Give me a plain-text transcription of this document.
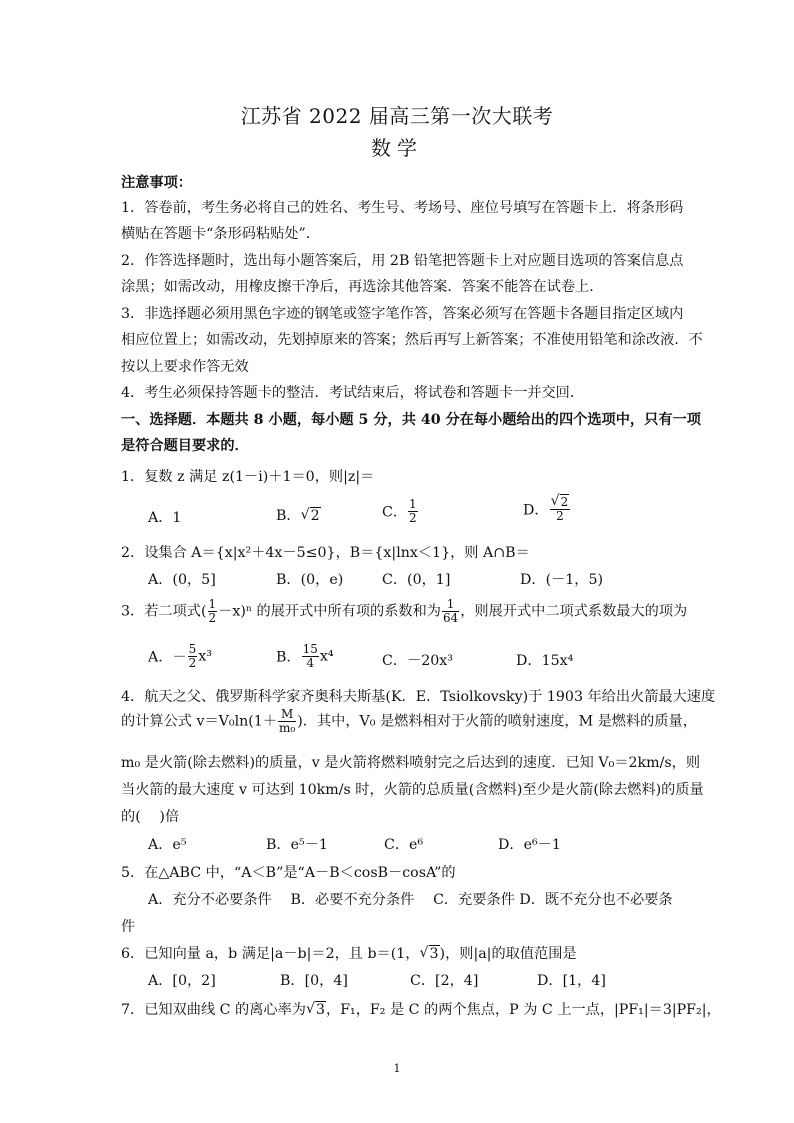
江苏省 2022 届高三第一次大联考
数学
注意事项：
1．答卷前，考生务必将自己的姓名、考生号、考场号、座位号填写在答题卡上．将条形码
横贴在答题卡“条形码粘贴处”．
2．作答选择题时，选出每小题答案后，用 2B 铅笔把答题卡上对应题目选项的答案信息点
涂黑；如需改动，用橡皮擦干净后，再选涂其他答案．答案不能答在试卷上．
3．非选择题必须用黑色字迹的钢笔或签字笔作答，答案必须写在答题卡各题目指定区域内
相应位置上；如需改动，先划掉原来的答案；然后再写上新答案；不准使用铅笔和涂改液．不
按以上要求作答无效
4．考生必须保持答题卡的整洁．考试结束后，将试卷和答题卡一并交回．
一、选择题．本题共 8 小题，每小题 5 分，共 40 分在每小题给出的四个选项中，只有一项
是符合题目要求的．
1．复数 z 满足 z(1－i)＋1＝0，则|z|＝
A．1	B． √ 2	C． $\frac{1}{2}$	D． √ $\frac{2}{2}$
2．设集合 A＝{x|x²＋4x－5≤0}，B＝{x|lnx＜1}，则 A∩B＝
A．(0，5]	B．(0，e)	C．(0，1]	D．(－1，5)
3．若二项式( $\frac{1}{2} -x)^n$ 的展开式中所有项的系数和为 $\frac{1}{64}$ ，则展开式中二项式系数最大的项为
A．－ $\frac{5}{2} x^3$	B． $\frac{15}{4} x^4$	C．－20x³	D．15x⁴
4．航天之父、俄罗斯科学家齐奥科夫斯基(K．E．Tsiolkovsky)于 1903 年给出火箭最大速度
的计算公式 $v=V_0\ln(1+ \frac{M}{\text{m₀}}$ )．其中，V₀ 是燃料相对于火箭的喷射速度，M 是燃料的质量，
m₀ 是火箭(除去燃料)的质量，v 是火箭将燃料喷射完之后达到的速度．已知 V₀＝2km/s，则
当火箭的最大速度 v 可达到 10km/s 时，火箭的总质量(含燃料)至少是火箭(除去燃料)的质量
的(　 )倍
A．e⁵	B．e⁵－1	C．e⁶	D．e⁶－1
5．在△ABC 中，“A＜B”是“A－B＜cosB－cosA”的
A．充分不必要条件　 B．必要不充分条件　 C．充要条件 D．既不充分也不必要条
件
6．已知向量 a，b 满足|a－b|＝2，且 b＝(1， √ 3)，则|a|的取值范围是
A．[0，2]	B．[0，4]	C．[2，4]	D．[1，4]
7．已知双曲线 C 的离心率为 √ 3，F₁，F₂ 是 C 的两个焦点，P 为 C 上一点，|PF₁|＝3|PF₂|，
1
